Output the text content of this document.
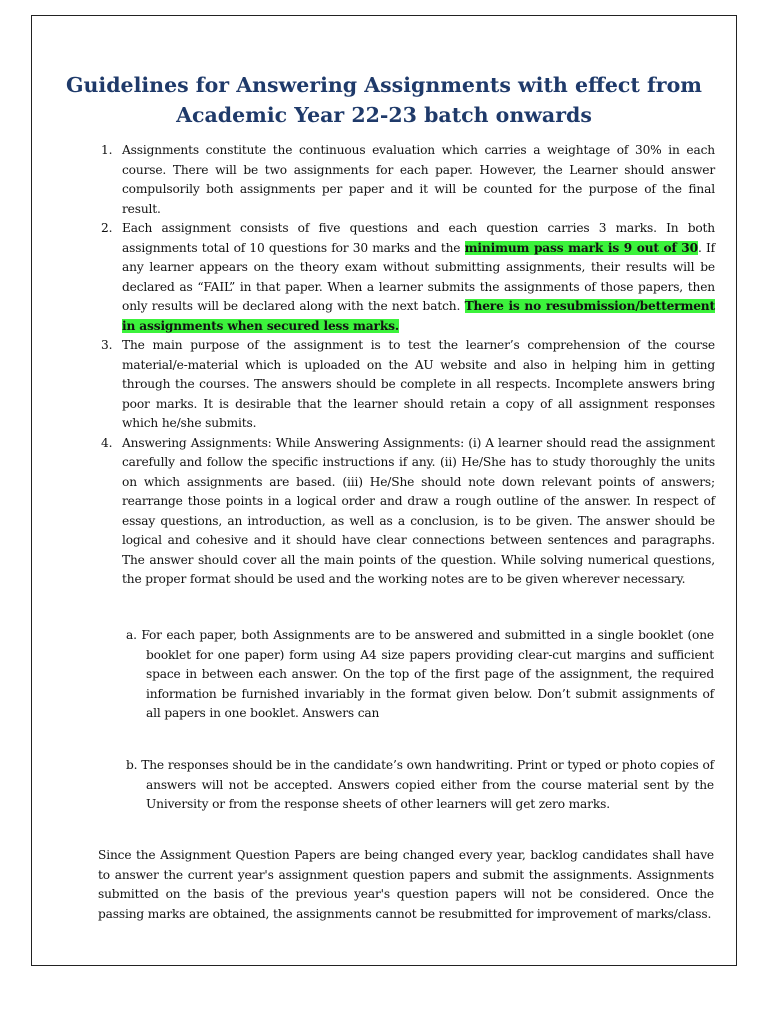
Guidelines for Answering Assignments with effect from
Academic Year 22-23 batch onwards
1. Assignments constitute the continuous evaluation which carries a weightage of 30% in each course. There will be two assignments for each paper. However, the Learner should answer compulsorily both assignments per paper and it will be counted for the purpose of the final result.
2. Each assignment consists of five questions and each question carries 3 marks. In both assignments total of 10 questions for 30 marks and the minimum pass mark is 9 out of 30. If any learner appears on the theory exam without submitting assignments, their results will be declared as “FAIL” in that paper. When a learner submits the assignments of those papers, then only results will be declared along with the next batch. There is no resubmission/betterment in assignments when secured less marks.
3. The main purpose of the assignment is to test the learner’s comprehension of the course material/e-material which is uploaded on the AU website and also in helping him in getting through the courses. The answers should be complete in all respects. Incomplete answers bring poor marks. It is desirable that the learner should retain a copy of all assignment responses which he/she submits.
4. Answering Assignments: While Answering Assignments: (i) A learner should read the assignment carefully and follow the specific instructions if any. (ii) He/She has to study thoroughly the units on which assignments are based. (iii) He/She should note down relevant points of answers; rearrange those points in a logical order and draw a rough outline of the answer. In respect of essay questions, an introduction, as well as a conclusion, is to be given. The answer should be logical and cohesive and it should have clear connections between sentences and paragraphs. The answer should cover all the main points of the question. While solving numerical questions, the proper format should be used and the working notes are to be given wherever necessary.
a. For each paper, both Assignments are to be answered and submitted in a single booklet (one booklet for one paper) form using A4 size papers providing clear-cut margins and sufficient space in between each answer. On the top of the first page of the assignment, the required information be furnished invariably in the format given below. Don’t submit assignments of all papers in one booklet. Answers can
b. The responses should be in the candidate’s own handwriting. Print or typed or photo copies of answers will not be accepted. Answers copied either from the course material sent by the University or from the response sheets of other learners will get zero marks.

Since the Assignment Question Papers are being changed every year, backlog candidates shall have to answer the current year's assignment question papers and submit the assignments. Assignments submitted on the basis of the previous year's question papers will not be considered. Once the passing marks are obtained, the assignments cannot be resubmitted for improvement of marks/class.
